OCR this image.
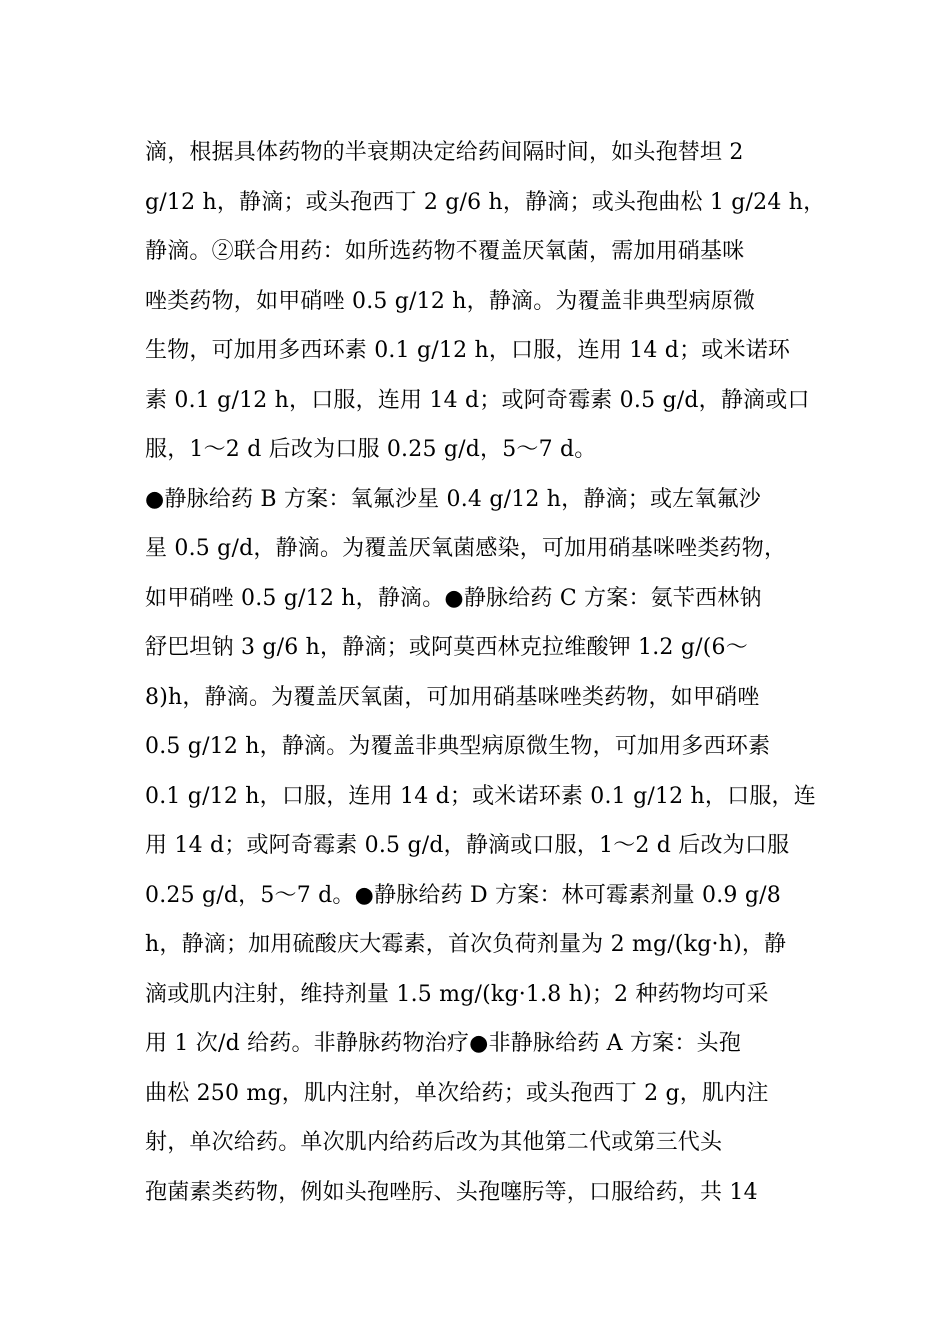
滴，根据具体药物的半衰期决定给药间隔时间，如头孢替坦 2
g/12 h，静滴；或头孢西丁 2 g/6 h，静滴；或头孢曲松 1 g/24 h，
静滴。②联合用药：如所选药物不覆盖厌氧菌，需加用硝基咪
唑类药物，如甲硝唑 0.5 g/12 h，静滴。为覆盖非典型病原微
生物，可加用多西环素 0.1 g/12 h，口服，连用 14 d；或米诺环
素 0.1 g/12 h，口服，连用 14 d；或阿奇霉素 0.5 g/d，静滴或口
服，1～2 d 后改为口服 0.25 g/d，5～7 d。
●静脉给药 B 方案：氧氟沙星 0.4 g/12 h，静滴；或左氧氟沙
星 0.5 g/d，静滴。为覆盖厌氧菌感染，可加用硝基咪唑类药物，
如甲硝唑 0.5 g/12 h，静滴。●静脉给药 C 方案：氨苄西林钠
舒巴坦钠 3 g/6 h，静滴；或阿莫西林克拉维酸钾 1.2 g/(6～
8)h，静滴。为覆盖厌氧菌，可加用硝基咪唑类药物，如甲硝唑
0.5 g/12 h，静滴。为覆盖非典型病原微生物，可加用多西环素
0.1 g/12 h，口服，连用 14 d；或米诺环素 0.1 g/12 h，口服，连
用 14 d；或阿奇霉素 0.5 g/d，静滴或口服，1～2 d 后改为口服
0.25 g/d，5～7 d。●静脉给药 D 方案：林可霉素剂量 0.9 g/8
h，静滴；加用硫酸庆大霉素，首次负荷剂量为 2 mg/(kg·h)，静
滴或肌内注射，维持剂量 1.5 mg/(kg·1.8 h)；2 种药物均可采
用 1 次/d 给药。非静脉药物治疗●非静脉给药 A 方案：头孢
曲松 250 mg，肌内注射，单次给药；或头孢西丁 2 g，肌内注
射，单次给药。单次肌内给药后改为其他第二代或第三代头
孢菌素类药物，例如头孢唑肟、头孢噻肟等，口服给药，共 14
